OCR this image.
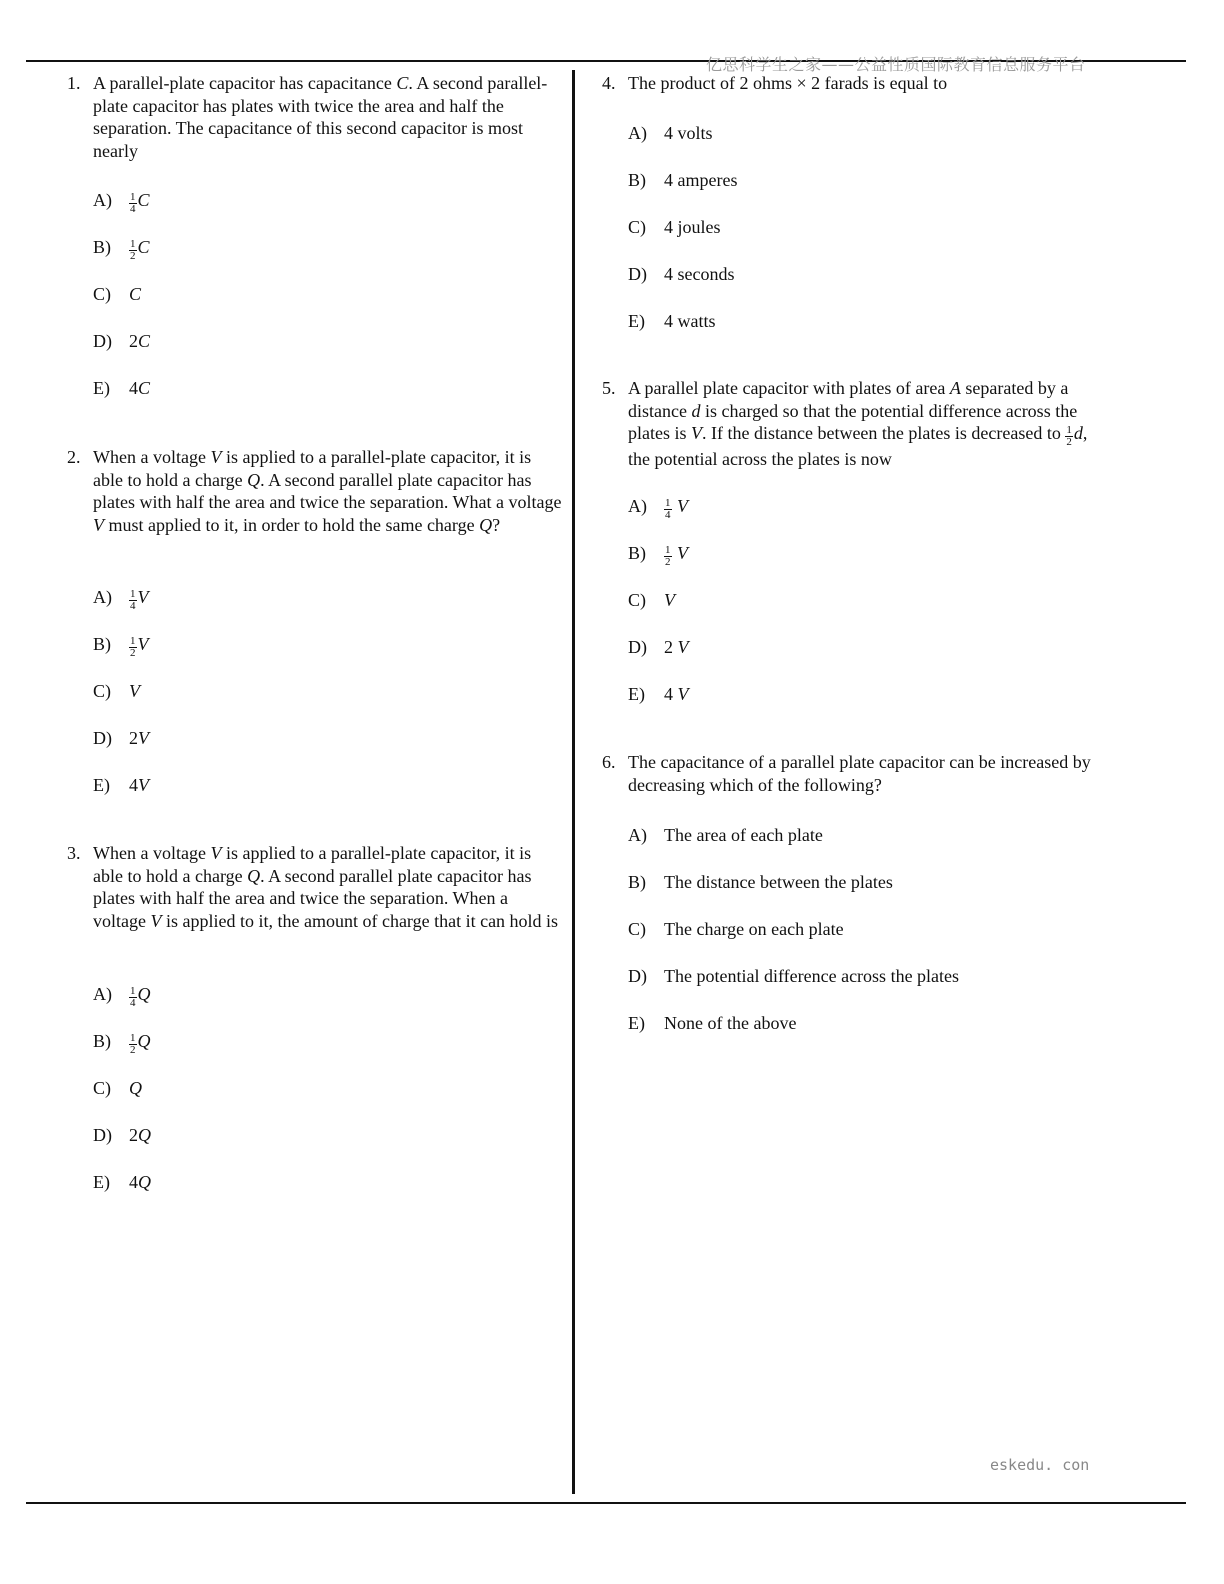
亿思科学生之家——公益性质国际教育信息服务平台
eskedu. con
1. A parallel-plate capacitor has capacitance C. A second parallel-plate capacitor has plates with twice the area and half the separation. The capacitance of this second capacitor is most nearly

$A) \frac{1}{4}$ C
$B) \frac{1}{2}$ C
C) C
D) 2C
E) 4C
2. When a voltage V is applied to a parallel-plate capacitor, it is able to hold a charge Q. A second parallel plate capacitor has plates with half the area and twice the separation. What a voltage V must applied to it, in order to hold the same charge Q?

$A) \frac{1}{4}$ V
$B) \frac{1}{2}$ V
C) V
D) 2V
E) 4V
3. When a voltage V is applied to a parallel-plate capacitor, it is able to hold a charge Q. A second parallel plate capacitor has plates with half the area and twice the separation. When a voltage V is applied to it, the amount of charge that it can hold is

$A) \frac{1}{4}$ Q
$B) \frac{1}{2}$ Q
C) Q
D) 2Q
E) 4Q
4. The product of 2 ohms × 2 farads is equal to

A) 4 volts
B) 4 amperes
C) 4 joules
D) 4 seconds
E) 4 watts
5. A parallel plate capacitor with plates of area A separated by a distance d is charged so that the potential difference across the plates is V. If the distance between the plates is decreased to $\frac{1}{2} d$, the potential across the plates is now

$A) \frac{1}{4}$ V
$B) \frac{1}{2}$ V
C) V
D) 2 V
E) 4 V
6. The capacitance of a parallel plate capacitor can be increased by decreasing which of the following?

A) The area of each plate
B) The distance between the plates
C) The charge on each plate
D) The potential difference across the plates
E) None of the above
